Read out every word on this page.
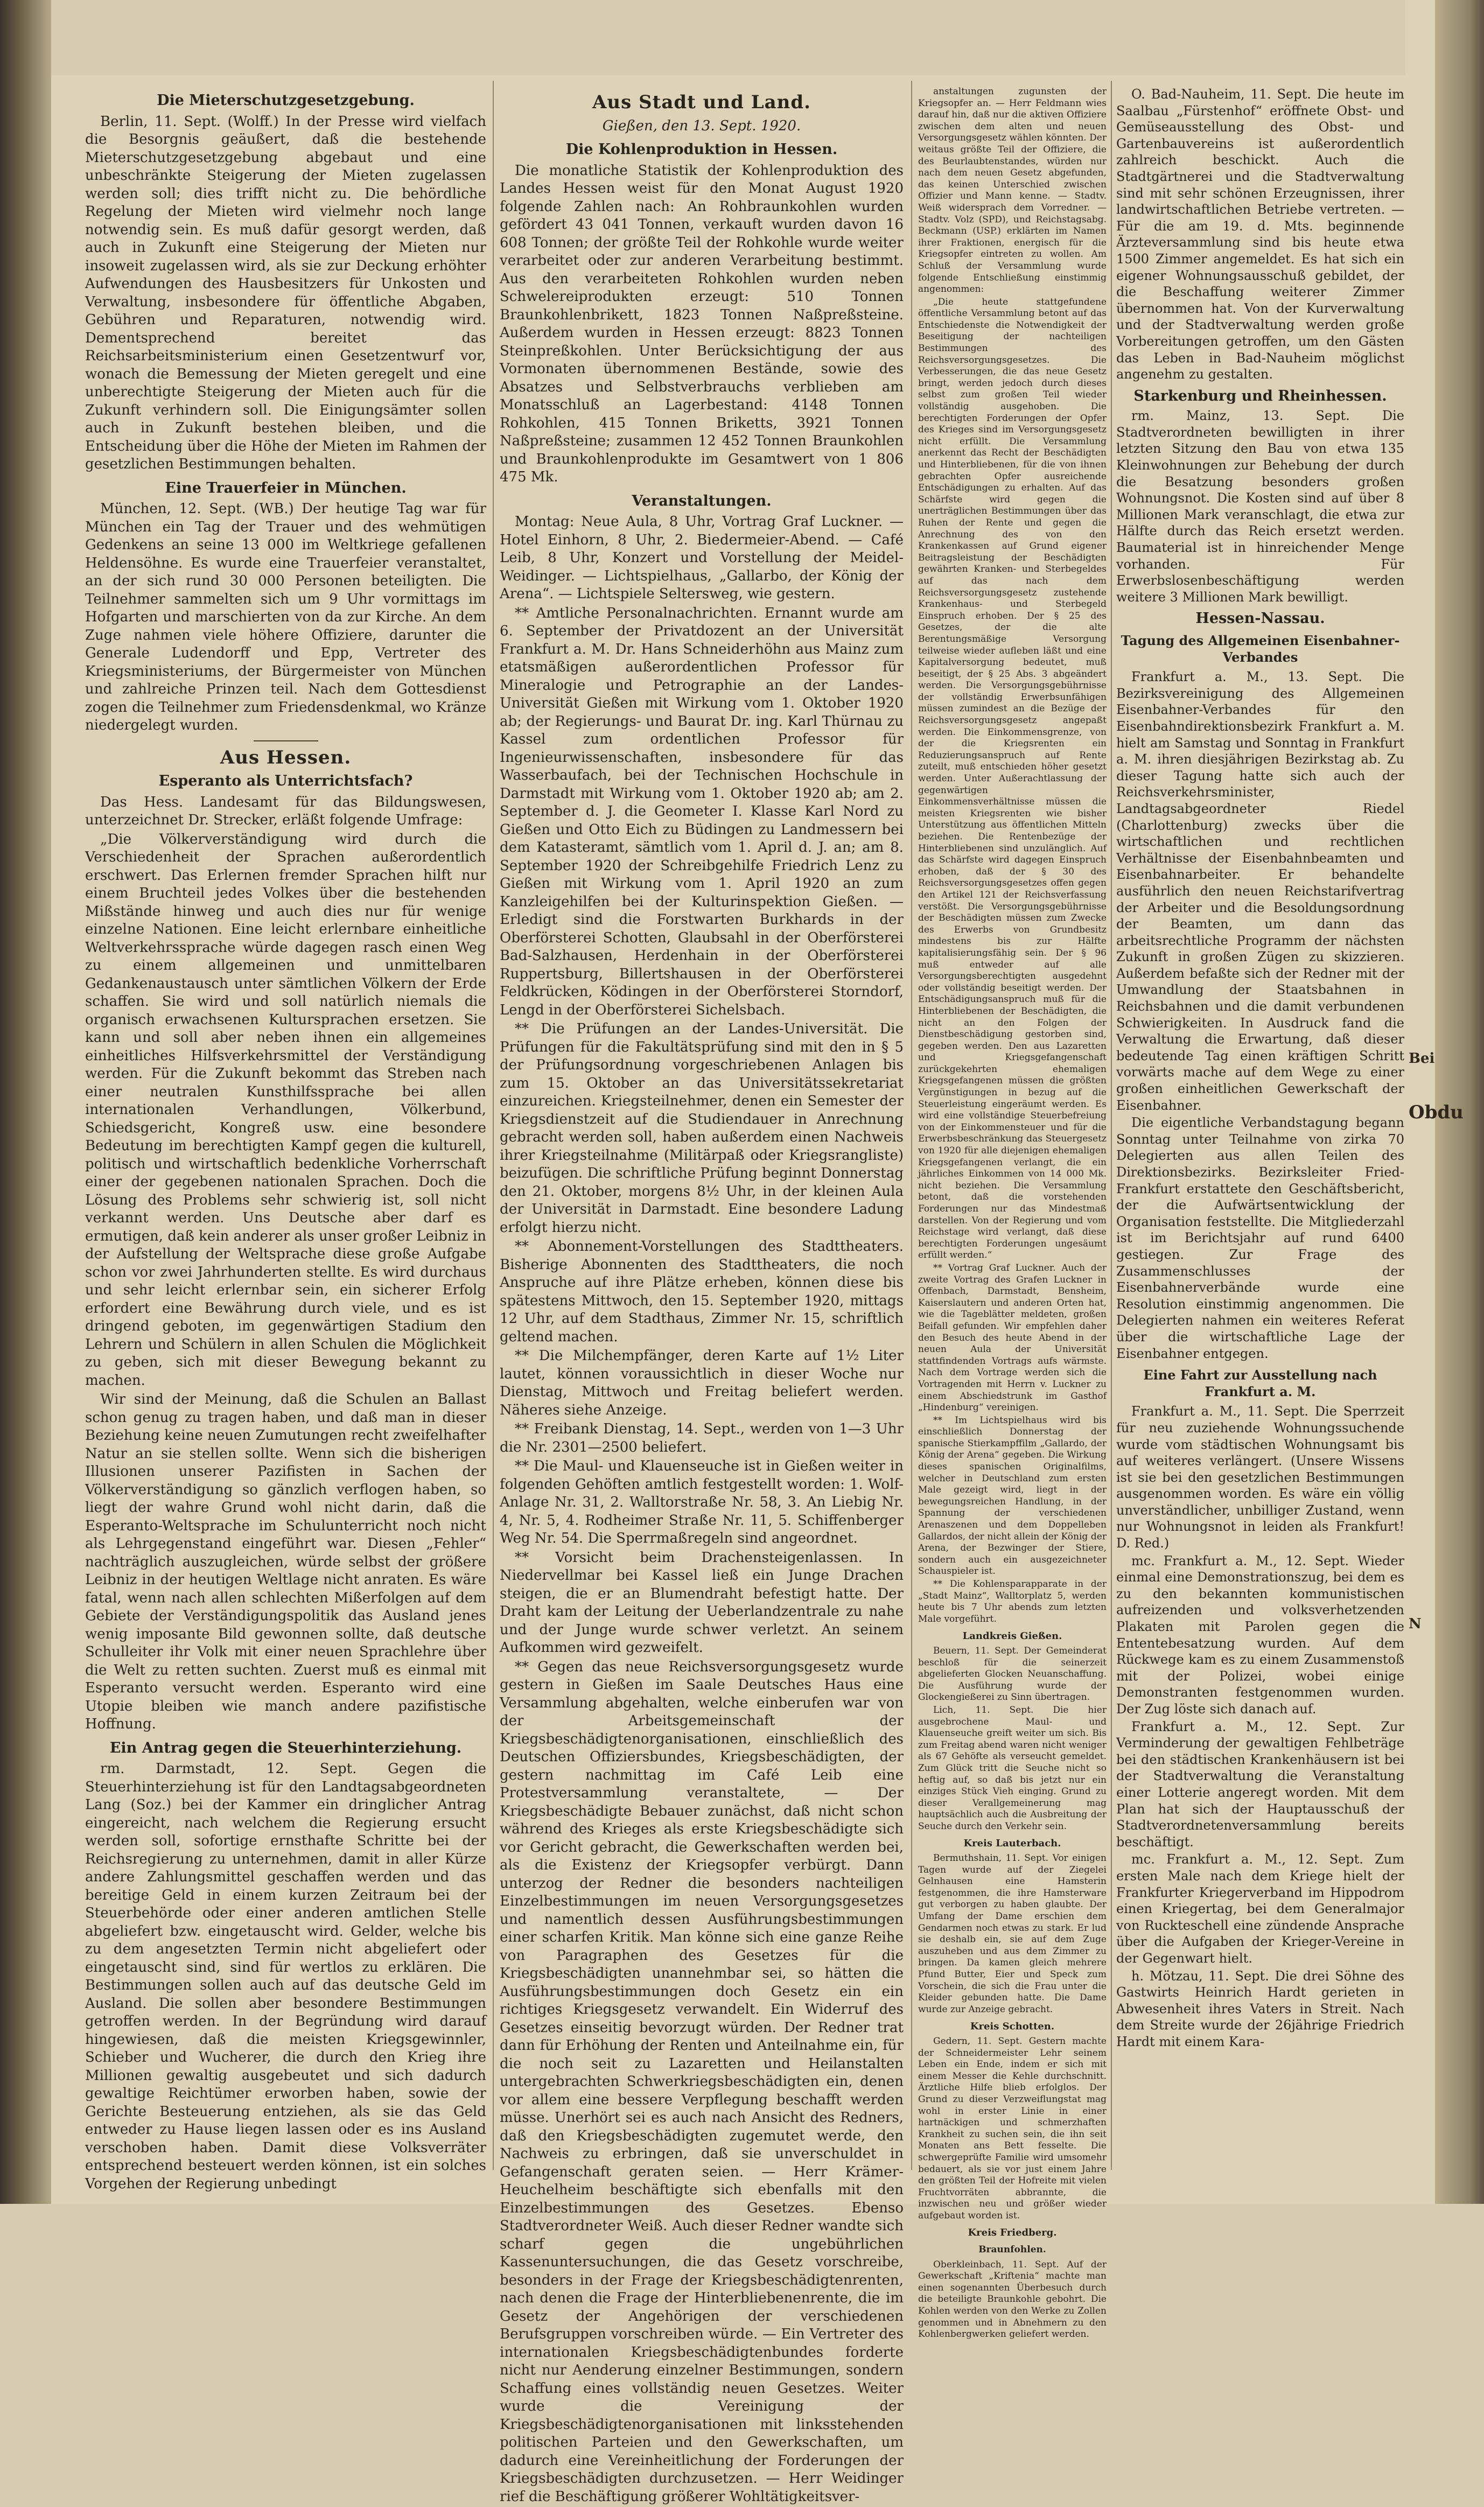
Die Mieterschutzgesetzgebung.

Berlin, 11. Sept. (Wolff.) In der Presse wird vielfach die Besorgnis geäußert, daß die bestehende Mieterschutzgesetzgebung abgebaut und eine unbeschränkte Steigerung der Mieten zugelassen werden soll; dies trifft nicht zu. Die behördliche Regelung der Mieten wird vielmehr noch lange notwendig sein. Es muß dafür gesorgt werden, daß auch in Zukunft eine Steigerung der Mieten nur insoweit zugelassen wird, als sie zur Deckung erhöhter Aufwendungen des Hausbesitzers für Unkosten und Verwaltung, insbesondere für öffentliche Abgaben, Gebühren und Reparaturen, notwendig wird. Dementsprechend bereitet das Reichsarbeitsministerium einen Gesetzentwurf vor, wonach die Bemessung der Mieten geregelt und eine unberechtigte Steigerung der Mieten auch für die Zukunft verhindern soll. Die Einigungsämter sollen auch in Zukunft bestehen bleiben, und die Entscheidung über die Höhe der Mieten im Rahmen der gesetzlichen Bestimmungen behalten.

Eine Trauerfeier in München.

München, 12. Sept. (WB.) Der heutige Tag war für München ein Tag der Trauer und des wehmütigen Gedenkens an seine 13 000 im Weltkriege gefallenen Heldensöhne. Es wurde eine Trauerfeier veranstaltet, an der sich rund 30 000 Personen beteiligten. Die Teilnehmer sammelten sich um 9 Uhr vormittags im Hofgarten und marschierten von da zur Kirche. An dem Zuge nahmen viele höhere Offiziere, darunter die Generale Ludendorff und Epp, Vertreter des Kriegsministeriums, der Bürgermeister von München und zahlreiche Prinzen teil. Nach dem Gottesdienst zogen die Teilnehmer zum Friedensdenkmal, wo Kränze niedergelegt wurden.

Aus Hessen.
Esperanto als Unterrichtsfach?

Das Hess. Landesamt für das Bildungswesen, unterzeichnet Dr. Strecker, erläßt folgende Umfrage:

„Die Völkerverständigung wird durch die Verschiedenheit der Sprachen außerordentlich erschwert. Das Erlernen fremder Sprachen hilft nur einem Bruchteil jedes Volkes über die bestehenden Mißstände hinweg und auch dies nur für wenige einzelne Nationen. Eine leicht erlernbare einheitliche Weltverkehrssprache würde dagegen rasch einen Weg zu einem allgemeinen und unmittelbaren Gedankenaustausch unter sämtlichen Völkern der Erde schaffen. Sie wird und soll natürlich niemals die organisch erwachsenen Kultursprachen ersetzen. Sie kann und soll aber neben ihnen ein allgemeines einheitliches Hilfsverkehrsmittel der Verständigung werden. Für die Zukunft bekommt das Streben nach einer neutralen Kunsthilfssprache bei allen internationalen Verhandlungen, Völkerbund, Schiedsgericht, Kongreß usw. eine besondere Bedeutung im berechtigten Kampf gegen die kulturell, politisch und wirtschaftlich bedenkliche Vorherrschaft einer der gegebenen nationalen Sprachen. Doch die Lösung des Problems sehr schwierig ist, soll nicht verkannt werden. Uns Deutsche aber darf es ermutigen, daß kein anderer als unser großer Leibniz in der Aufstellung der Weltsprache diese große Aufgabe schon vor zwei Jahrhunderten stellte. Es wird durchaus und sehr leicht erlernbar sein, ein sicherer Erfolg erfordert eine Bewährung durch viele, und es ist dringend geboten, im gegenwärtigen Stadium den Lehrern und Schülern in allen Schulen die Möglichkeit zu geben, sich mit dieser Bewegung bekannt zu machen.

Wir sind der Meinung, daß die Schulen an Ballast schon genug zu tragen haben, und daß man in dieser Beziehung keine neuen Zumutungen recht zweifelhafter Natur an sie stellen sollte. Wenn sich die bisherigen Illusionen unserer Pazifisten in Sachen der Völkerverständigung so gänzlich verflogen haben, so liegt der wahre Grund wohl nicht darin, daß die Esperanto-Weltsprache im Schulunterricht noch nicht als Lehrgegenstand eingeführt war. Diesen „Fehler“ nachträglich auszugleichen, würde selbst der größere Leibniz in der heutigen Weltlage nicht anraten. Es wäre fatal, wenn nach allen schlechten Mißerfolgen auf dem Gebiete der Verständigungspolitik das Ausland jenes wenig imposante Bild gewonnen sollte, daß deutsche Schulleiter ihr Volk mit einer neuen Sprachlehre über die Welt zu retten suchten. Zuerst muß es einmal mit Esperanto versucht werden. Esperanto wird eine Utopie bleiben wie manch andere pazifistische Hoffnung.

Ein Antrag gegen die Steuerhinterziehung.

rm. Darmstadt, 12. Sept. Gegen die Steuerhinterziehung ist für den Landtagsabgeordneten Lang (Soz.) bei der Kammer ein dringlicher Antrag eingereicht, nach welchem die Regierung ersucht werden soll, sofortige ernsthafte Schritte bei der Reichsregierung zu unternehmen, damit in aller Kürze andere Zahlungsmittel geschaffen werden und das bereitige Geld in einem kurzen Zeitraum bei der Steuerbehörde oder einer anderen amtlichen Stelle abgeliefert bzw. eingetauscht wird. Gelder, welche bis zu dem angesetzten Termin nicht abgeliefert oder eingetauscht sind, sind für wertlos zu erklären. Die Bestimmungen sollen auch auf das deutsche Geld im Ausland. Die sollen aber besondere Bestimmungen getroffen werden. In der Begründung wird darauf hingewiesen, daß die meisten Kriegsgewinnler, Schieber und Wucherer, die durch den Krieg ihre Millionen gewaltig ausgebeutet und sich dadurch gewaltige Reichtümer erworben haben, sowie der Gerichte Besteuerung entziehen, als sie das Geld entweder zu Hause liegen lassen oder es ins Ausland verschoben haben. Damit diese Volksverräter entsprechend besteuert werden können, ist ein solches Vorgehen der Regierung unbedingt

Aus Stadt und Land.
Gießen, den 13. Sept. 1920.
Die Kohlenproduktion in Hessen.

Die monatliche Statistik der Kohlenproduktion des Landes Hessen weist für den Monat August 1920 folgende Zahlen nach: An Rohbraunkohlen wurden gefördert 43 041 Tonnen, verkauft wurden davon 16 608 Tonnen; der größte Teil der Rohkohle wurde weiter verarbeitet oder zur anderen Verarbeitung bestimmt. Aus den verarbeiteten Rohkohlen wurden neben Schwelereiprodukten erzeugt: 510 Tonnen Braunkohlenbrikett, 1823 Tonnen Naßpreßsteine. Außerdem wurden in Hessen erzeugt: 8823 Tonnen Steinpreßkohlen. Unter Berücksichtigung der aus Vormonaten übernommenen Bestände, sowie des Absatzes und Selbstverbrauchs verblieben am Monatsschluß an Lagerbestand: 4148 Tonnen Rohkohlen, 415 Tonnen Briketts, 3921 Tonnen Naßpreßsteine; zusammen 12 452 Tonnen Braunkohlen und Braunkohlenprodukte im Gesamtwert von 1 806 475 Mk.

Veranstaltungen.

Montag: Neue Aula, 8 Uhr, Vortrag Graf Luckner. — Hotel Einhorn, 8 Uhr, 2. Biedermeier-Abend. — Café Leib, 8 Uhr, Konzert und Vorstellung der Meidel-Weidinger. — Lichtspielhaus, „Gallarbo, der König der Arena“. — Lichtspiele Seltersweg, wie gestern.

** Amtliche Personalnachrichten. Ernannt wurde am 6. September der Privatdozent an der Universität Frankfurt a. M. Dr. Hans Schneiderhöhn aus Mainz zum etatsmäßigen außerordentlichen Professor für Mineralogie und Petrographie an der Landes-Universität Gießen mit Wirkung vom 1. Oktober 1920 ab; der Regierungs- und Baurat Dr. ing. Karl Thürnau zu Kassel zum ordentlichen Professor für Ingenieurwissenschaften, insbesondere für das Wasserbaufach, bei der Technischen Hochschule in Darmstadt mit Wirkung vom 1. Oktober 1920 ab; am 2. September d. J. die Geometer I. Klasse Karl Nord zu Gießen und Otto Eich zu Büdingen zu Landmessern bei dem Katasteramt, sämtlich vom 1. April d. J. an; am 8. September 1920 der Schreibgehilfe Friedrich Lenz zu Gießen mit Wirkung vom 1. April 1920 an zum Kanzleigehilfen bei der Kulturinspektion Gießen. — Erledigt sind die Forstwarten Burkhards in der Oberförsterei Schotten, Glaubsahl in der Oberförsterei Bad-Salzhausen, Herdenhain in der Oberförsterei Ruppertsburg, Billertshausen in der Oberförsterei Feldkrücken, Ködingen in der Oberförsterei Storndorf, Lengd in der Oberförsterei Sichelsbach.

** Die Prüfungen an der Landes-Universität. Die Prüfungen für die Fakultätsprüfung sind mit den in § 5 der Prüfungsordnung vorgeschriebenen Anlagen bis zum 15. Oktober an das Universitätssekretariat einzureichen. Kriegsteilnehmer, denen ein Semester der Kriegsdienstzeit auf die Studiendauer in Anrechnung gebracht werden soll, haben außerdem einen Nachweis ihrer Kriegsteilnahme (Militärpaß oder Kriegsrangliste) beizufügen. Die schriftliche Prüfung beginnt Donnerstag den 21. Oktober, morgens 8½ Uhr, in der kleinen Aula der Universität in Darmstadt. Eine besondere Ladung erfolgt hierzu nicht.

** Abonnement-Vorstellungen des Stadttheaters. Bisherige Abonnenten des Stadttheaters, die noch Anspruche auf ihre Plätze erheben, können diese bis spätestens Mittwoch, den 15. September 1920, mittags 12 Uhr, auf dem Stadthaus, Zimmer Nr. 15, schriftlich geltend machen.

** Die Milchempfänger, deren Karte auf 1½ Liter lautet, können voraussichtlich in dieser Woche nur Dienstag, Mittwoch und Freitag beliefert werden. Näheres siehe Anzeige.

** Freibank Dienstag, 14. Sept., werden von 1—3 Uhr die Nr. 2301—2500 beliefert.

** Die Maul- und Klauenseuche ist in Gießen weiter in folgenden Gehöften amtlich festgestellt worden: 1. Wolf-Anlage Nr. 31, 2. Walltorstraße Nr. 58, 3. An Liebig Nr. 4, Nr. 5, 4. Rodheimer Straße Nr. 11, 5. Schiffenberger Weg Nr. 54. Die Sperrmaßregeln sind angeordnet.

** Vorsicht beim Drachensteigenlassen. In Niedervellmar bei Kassel ließ ein Junge Drachen steigen, die er an Blumendraht befestigt hatte. Der Draht kam der Leitung der Ueberlandzentrale zu nahe und der Junge wurde schwer verletzt. An seinem Aufkommen wird gezweifelt.

** Gegen das neue Reichsversorgungsgesetz wurde gestern in Gießen im Saale Deutsches Haus eine Versammlung abgehalten, welche einberufen war von der Arbeitsgemeinschaft der Kriegsbeschädigtenorganisationen, einschließlich des Deutschen Offiziersbundes, Kriegsbeschädigten, der gestern nachmittag im Café Leib eine Protestversammlung veranstaltete, — Der Kriegsbeschädigte Bebauer zunächst, daß nicht schon während des Krieges als erste Kriegsbeschädigte sich vor Gericht gebracht, die Gewerkschaften werden bei, als die Existenz der Kriegsopfer verbürgt. Dann unterzog der Redner die besonders nachteiligen Einzelbestimmungen im neuen Versorgungsgesetzes und namentlich dessen Ausführungsbestimmungen einer scharfen Kritik. Man könne sich eine ganze Reihe von Paragraphen des Gesetzes für die Kriegsbeschädigten unannehmbar sei, so hätten die Ausführungsbestimmungen doch Gesetz ein ein richtiges Kriegsgesetz verwandelt. Ein Widerruf des Gesetzes einseitig bevorzugt würden. Der Redner trat dann für Erhöhung der Renten und Anteilnahme ein, für die noch seit zu Lazaretten und Heilanstalten untergebrachten Schwerkriegsbeschädigten ein, denen vor allem eine bessere Verpflegung beschafft werden müsse. Unerhört sei es auch nach Ansicht des Redners, daß den Kriegsbeschädigten zugemutet werde, den Nachweis zu erbringen, daß sie unverschuldet in Gefangenschaft geraten seien. — Herr Krämer-Heuchelheim beschäftigte sich ebenfalls mit den Einzelbestimmungen des Gesetzes. Ebenso Stadtverordneter Weiß. Auch dieser Redner wandte sich scharf gegen die ungebührlichen Kassenuntersuchungen, die das Gesetz vorschreibe, besonders in der Frage der Kriegsbeschädigtenrenten, nach denen die Frage der Hinterbliebenenrente, die im Gesetz der Angehörigen der verschiedenen Berufsgruppen vorschreiben würde. — Ein Vertreter des internationalen Kriegsbeschädigtenbundes forderte nicht nur Aenderung einzelner Bestimmungen, sondern Schaffung eines vollständig neuen Gesetzes. Weiter wurde die Vereinigung der Kriegsbeschädigtenorganisationen mit linksstehenden politischen Parteien und den Gewerkschaften, um dadurch eine Vereinheitlichung der Forderungen der Kriegsbeschädigten durchzusetzen. — Herr Weidinger rief die Beschäftigung größerer Wohltätigkeitsver-

anstaltungen zugunsten der Kriegsopfer an. — Herr Feldmann wies darauf hin, daß nur die aktiven Offiziere zwischen dem alten und neuen Versorgungsgesetz wählen könnten. Der weitaus größte Teil der Offiziere, die des Beurlaubtenstandes, würden nur nach dem neuen Gesetz abgefunden, das keinen Unterschied zwischen Offizier und Mann kenne. — Stadtv. Weiß widersprach dem Vorredner. — Stadtv. Volz (SPD), und Reichstagsabg. Beckmann (USP.) erklärten im Namen ihrer Fraktionen, energisch für die Kriegsopfer eintreten zu wollen. Am Schluß der Versammlung wurde folgende Entschließung einstimmig angenommen:

„Die heute stattgefundene öffentliche Versammlung betont auf das Entschiedenste die Notwendigkeit der Beseitigung der nachteiligen Bestimmungen des Reichsversorgungsgesetzes. Die Verbesserungen, die das neue Gesetz bringt, werden jedoch durch dieses selbst zum großen Teil wieder vollständig ausgehoben. Die berechtigten Forderungen der Opfer des Krieges sind im Versorgungsgesetz nicht erfüllt. Die Versammlung anerkennt das Recht der Beschädigten und Hinterbliebenen, für die von ihnen gebrachten Opfer ausreichende Entschädigungen zu erhalten. Auf das Schärfste wird gegen die unerträglichen Bestimmungen über das Ruhen der Rente und gegen die Anrechnung des von den Krankenkassen auf Grund eigener Beitragsleistung der Beschädigten gewährten Kranken- und Sterbegeldes auf das nach dem Reichsversorgungsgesetz zustehende Krankenhaus- und Sterbegeld Einspruch erhoben. Der § 25 des Gesetzes, der die alte Berentungsmäßige Versorgung teilweise wieder aufleben läßt und eine Kapitalversorgung bedeutet, muß beseitigt, der § 25 Abs. 3 abgeändert werden. Die Versorgungsgebührnisse der vollständig Erwerbsunfähigen müssen zumindest an die Bezüge der Reichsversorgungsgesetz angepaßt werden. Die Einkommensgrenze, von der die Kriegsrenten ein Reduzierungsanspruch auf Rente zuteilt, muß entschieden höher gesetzt werden. Unter Außerachtlassung der gegenwärtigen Einkommensverhältnisse müssen die meisten Kriegsrenten wie bisher Unterstützung aus öffentlichen Mitteln beziehen. Die Rentenbezüge der Hinterbliebenen sind unzulänglich. Auf das Schärfste wird dagegen Einspruch erhoben, daß der § 30 des Reichsversorgungsgesetzes offen gegen den Artikel 121 der Reichsverfassung verstößt. Die Versorgungsgebührnisse der Beschädigten müssen zum Zwecke des Erwerbs von Grundbesitz mindestens bis zur Hälfte kapitalisierungsfähig sein. Der § 96 muß entweder auf alle Versorgungsberechtigten ausgedehnt oder vollständig beseitigt werden. Der Entschädigungsanspruch muß für die Hinterbliebenen der Beschädigten, die nicht an den Folgen der Dienstbeschädigung gestorben sind, gegeben werden. Den aus Lazaretten und Kriegsgefangenschaft zurückgekehrten ehemaligen Kriegsgefangenen müssen die größten Vergünstigungen in bezug auf die Steuerleistung eingeräumt werden. Es wird eine vollständige Steuerbefreiung von der Einkommensteuer und für die Erwerbsbeschränkung das Steuergesetz von 1920 für alle diejenigen ehemaligen Kriegsgefangenen verlangt, die ein jährliches Einkommen von 14 000 Mk. nicht beziehen. Die Versammlung betont, daß die vorstehenden Forderungen nur das Mindestmaß darstellen. Von der Regierung und vom Reichstage wird verlangt, daß diese berechtigten Forderungen ungesäumt erfüllt werden.“

** Vortrag Graf Luckner. Auch der zweite Vortrag des Grafen Luckner in Offenbach, Darmstadt, Bensheim, Kaiserslautern und anderen Orten hat, wie die Tageblätter meldeten, großen Beifall gefunden. Wir empfehlen daher den Besuch des heute Abend in der neuen Aula der Universität stattfindenden Vortrags aufs wärmste. Nach dem Vortrage werden sich die Vortragenden mit Herrn v. Luckner zu einem Abschiedstrunk im Gasthof „Hindenburg“ vereinigen.

** Im Lichtspielhaus wird bis einschließlich Donnerstag der spanische Stierkampffilm „Gallardo, der König der Arena“ gegeben. Die Wirkung dieses spanischen Originalfilms, welcher in Deutschland zum ersten Male gezeigt wird, liegt in der bewegungsreichen Handlung, in der Spannung der verschiedenen Arenaszenen und dem Doppelleben Gallardos, der nicht allein der König der Arena, der Bezwinger der Stiere, sondern auch ein ausgezeichneter Schauspieler ist.

** Die Kohlensparapparate in der „Stadt Mainz“, Walltorplatz 5, werden heute bis 7 Uhr abends zum letzten Male vorgeführt.

Landkreis Gießen.

Beuern, 11. Sept. Der Gemeinderat beschloß für die seinerzeit abgelieferten Glocken Neuanschaffung. Die Ausführung wurde der Glockengießerei zu Sinn übertragen.

Lich, 11. Sept. Die hier ausgebrochene Maul- und Klauenseuche greift weiter um sich. Bis zum Freitag abend waren nicht weniger als 67 Gehöfte als verseucht gemeldet. Zum Glück tritt die Seuche nicht so heftig auf, so daß bis jetzt nur ein einziges Stück Vieh einging. Grund zu dieser Verallgemeinerung mag hauptsächlich auch die Ausbreitung der Seuche durch den Verkehr sein.

Kreis Lauterbach.

Bermuthshain, 11. Sept. Vor einigen Tagen wurde auf der Ziegelei Gelnhausen eine Hamsterin festgenommen, die ihre Hamsterware gut verborgen zu haben glaubte. Der Umfang der Dame erschien dem Gendarmen noch etwas zu stark. Er lud sie deshalb ein, sie auf dem Zuge auszuheben und aus dem Zimmer zu bringen. Da kamen gleich mehrere Pfund Butter, Eier und Speck zum Vorschein, die sich die Frau unter die Kleider gebunden hatte. Die Dame wurde zur Anzeige gebracht.

Kreis Schotten.

Gedern, 11. Sept. Gestern machte der Schneidermeister Lehr seinem Leben ein Ende, indem er sich mit einem Messer die Kehle durchschnitt. Ärztliche Hilfe blieb erfolglos. Der Grund zu dieser Verzweiflungstat mag wohl in erster Linie in einer hartnäckigen und schmerzhaften Krankheit zu suchen sein, die ihn seit Monaten ans Bett fesselte. Die schwergeprüfte Familie wird umsomehr bedauert, als sie vor just einem Jahre den größten Teil der Hofreite mit vielen Fruchtvorräten abbrannte, die inzwischen neu und größer wieder aufgebaut worden ist.

Kreis Friedberg.
Braunfohlen.

Oberkleinbach, 11. Sept. Auf der Gewerkschaft „Kriftenia“ machte man einen sogenannten Überbesuch durch die beteiligte Braunkohle gebohrt. Die Kohlen werden von den Werke zu Zollen genommen und in Abnehmern zu den Kohlenbergwerken geliefert werden.

O. Bad-Nauheim, 11. Sept. Die heute im Saalbau „Fürstenhof“ eröffnete Obst- und Gemüseausstellung des Obst- und Gartenbauvereins ist außerordentlich zahlreich beschickt. Auch die Stadtgärtnerei und die Stadtverwaltung sind mit sehr schönen Erzeugnissen, ihrer landwirtschaftlichen Betriebe vertreten. — Für die am 19. d. Mts. beginnende Ärzteversammlung sind bis heute etwa 1500 Zimmer angemeldet. Es hat sich ein eigener Wohnungsausschuß gebildet, der die Beschaffung weiterer Zimmer übernommen hat. Von der Kurverwaltung und der Stadtverwaltung werden große Vorbereitungen getroffen, um den Gästen das Leben in Bad-Nauheim möglichst angenehm zu gestalten.

Starkenburg und Rheinhessen.

rm. Mainz, 13. Sept. Die Stadtverordneten bewilligten in ihrer letzten Sitzung den Bau von etwa 135 Kleinwohnungen zur Behebung der durch die Besatzung besonders großen Wohnungsnot. Die Kosten sind auf über 8 Millionen Mark veranschlagt, die etwa zur Hälfte durch das Reich ersetzt werden. Baumaterial ist in hinreichender Menge vorhanden. Für Erwerbslosenbeschäftigung werden weitere 3 Millionen Mark bewilligt.

Hessen-Nassau.
Tagung des Allgemeinen Eisenbahner-Verbandes

Frankfurt a. M., 13. Sept. Die Bezirksvereinigung des Allgemeinen Eisenbahner-Verbandes für den Eisenbahndirektionsbezirk Frankfurt a. M. hielt am Samstag und Sonntag in Frankfurt a. M. ihren diesjährigen Bezirkstag ab. Zu dieser Tagung hatte sich auch der Reichsverkehrsminister, Landtagsabgeordneter Riedel (Charlottenburg) zwecks über die wirtschaftlichen und rechtlichen Verhältnisse der Eisenbahnbeamten und Eisenbahnarbeiter. Er behandelte ausführlich den neuen Reichstarifvertrag der Arbeiter und die Besoldungsordnung der Beamten, um dann das arbeitsrechtliche Programm der nächsten Zukunft in großen Zügen zu skizzieren. Außerdem befaßte sich der Redner mit der Umwandlung der Staatsbahnen in Reichsbahnen und die damit verbundenen Schwierigkeiten. In Ausdruck fand die Verwaltung die Erwartung, daß dieser bedeutende Tag einen kräftigen Schritt vorwärts mache auf dem Wege zu einer großen einheitlichen Gewerkschaft der Eisenbahner.

Die eigentliche Verbandstagung begann Sonntag unter Teilnahme von zirka 70 Delegierten aus allen Teilen des Direktionsbezirks. Bezirksleiter Fried-Frankfurt erstattete den Geschäftsbericht, der die Aufwärtsentwicklung der Organisation feststellte. Die Mitgliederzahl ist im Berichtsjahr auf rund 6400 gestiegen. Zur Frage des Zusammenschlusses der Eisenbahnerverbände wurde eine Resolution einstimmig angenommen. Die Delegierten nahmen ein weiteres Referat über die wirtschaftliche Lage der Eisenbahner entgegen.

Eine Fahrt zur Ausstellung nach Frankfurt a. M.

Frankfurt a. M., 11. Sept. Die Sperrzeit für neu zuziehende Wohnungssuchende wurde vom städtischen Wohnungsamt bis auf weiteres verlängert. (Unsere Wissens ist sie bei den gesetzlichen Bestimmungen ausgenommen worden. Es wäre ein völlig unverständlicher, unbilliger Zustand, wenn nur Wohnungsnot in leiden als Frankfurt! D. Red.)

mc. Frankfurt a. M., 12. Sept. Wieder einmal eine Demonstrationszug, bei dem es zu den bekannten kommunistischen aufreizenden und volksverhetzenden Plakaten mit Parolen gegen die Ententebesatzung wurden. Auf dem Rückwege kam es zu einem Zusammenstoß mit der Polizei, wobei einige Demonstranten festgenommen wurden. Der Zug löste sich danach auf.

Frankfurt a. M., 12. Sept. Zur Verminderung der gewaltigen Fehlbeträge bei den städtischen Krankenhäusern ist bei der Stadtverwaltung die Veranstaltung einer Lotterie angeregt worden. Mit dem Plan hat sich der Hauptausschuß der Stadtverordnetenversammlung bereits beschäftigt.

mc. Frankfurt a. M., 12. Sept. Zum ersten Male nach dem Kriege hielt der Frankfurter Kriegerverband im Hippodrom einen Kriegertag, bei dem Generalmajor von Ruckteschell eine zündende Ansprache über die Aufgaben der Krieger-Vereine in der Gegenwart hielt.

h. Mötzau, 11. Sept. Die drei Söhne des Gastwirts Heinrich Hardt gerieten in Abwesenheit ihres Vaters in Streit. Nach dem Streite wurde der 26jährige Friedrich Hardt mit einem Kara-

Bei
Obdu
N
